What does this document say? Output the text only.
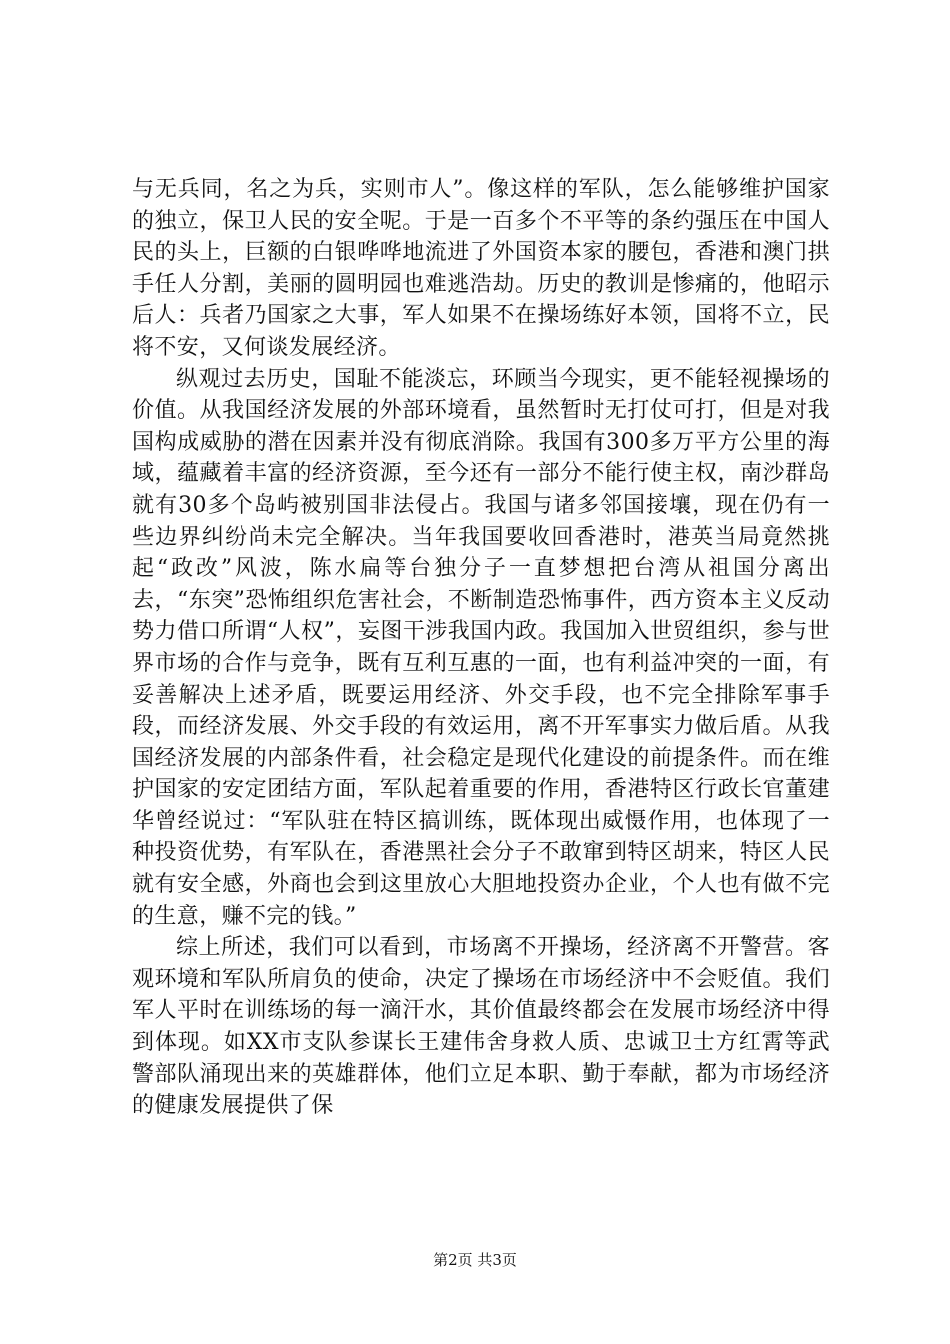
与无兵同，名之为兵，实则市人”。像这样的军队，怎么能够维护国家的独立，保卫人民的安全呢。于是一百多个不平等的条约强压在中国人民的头上，巨额的白银哗哗地流进了外国资本家的腰包，香港和澳门拱手任人分割，美丽的圆明园也难逃浩劫。历史的教训是惨痛的，他昭示后人：兵者乃国家之大事，军人如果不在操场练好本领，国将不立，民将不安，又何谈发展经济。

纵观过去历史，国耻不能淡忘，环顾当今现实，更不能轻视操场的价值。从我国经济发展的外部环境看，虽然暂时无打仗可打，但是对我国构成威胁的潜在因素并没有彻底消除。我国有300多万平方公里的海域，蕴藏着丰富的经济资源，至今还有一部分不能行使主权，南沙群岛就有30多个岛屿被别国非法侵占。我国与诸多邻国接壤，现在仍有一些边界纠纷尚未完全解决。当年我国要收回香港时，港英当局竟然挑起“政改”风波，陈水扁等台独分子一直梦想把台湾从祖国分离出去，“东突”恐怖组织危害社会，不断制造恐怖事件，西方资本主义反动势力借口所谓“人权”，妄图干涉我国内政。我国加入世贸组织，参与世界市场的合作与竞争，既有互利互惠的一面，也有利益冲突的一面，有妥善解决上述矛盾，既要运用经济、外交手段，也不完全排除军事手段，而经济发展、外交手段的有效运用，离不开军事实力做后盾。从我国经济发展的内部条件看，社会稳定是现代化建设的前提条件。而在维护国家的安定团结方面，军队起着重要的作用，香港特区行政长官董建华曾经说过：“军队驻在特区搞训练，既体现出威慑作用，也体现了一种投资优势，有军队在，香港黑社会分子不敢窜到特区胡来，特区人民就有安全感，外商也会到这里放心大胆地投资办企业，个人也有做不完的生意，赚不完的钱。”

综上所述，我们可以看到，市场离不开操场，经济离不开警营。客观环境和军队所肩负的使命，决定了操场在市场经济中不会贬值。我们军人平时在训练场的每一滴汗水，其价值最终都会在发展市场经济中得到体现。如XX市支队参谋长王建伟舍身救人质、忠诚卫士方红霄等武警部队涌现出来的英雄群体，他们立足本职、勤于奉献，都为市场经济的健康发展提供了保

第2页 共3页
